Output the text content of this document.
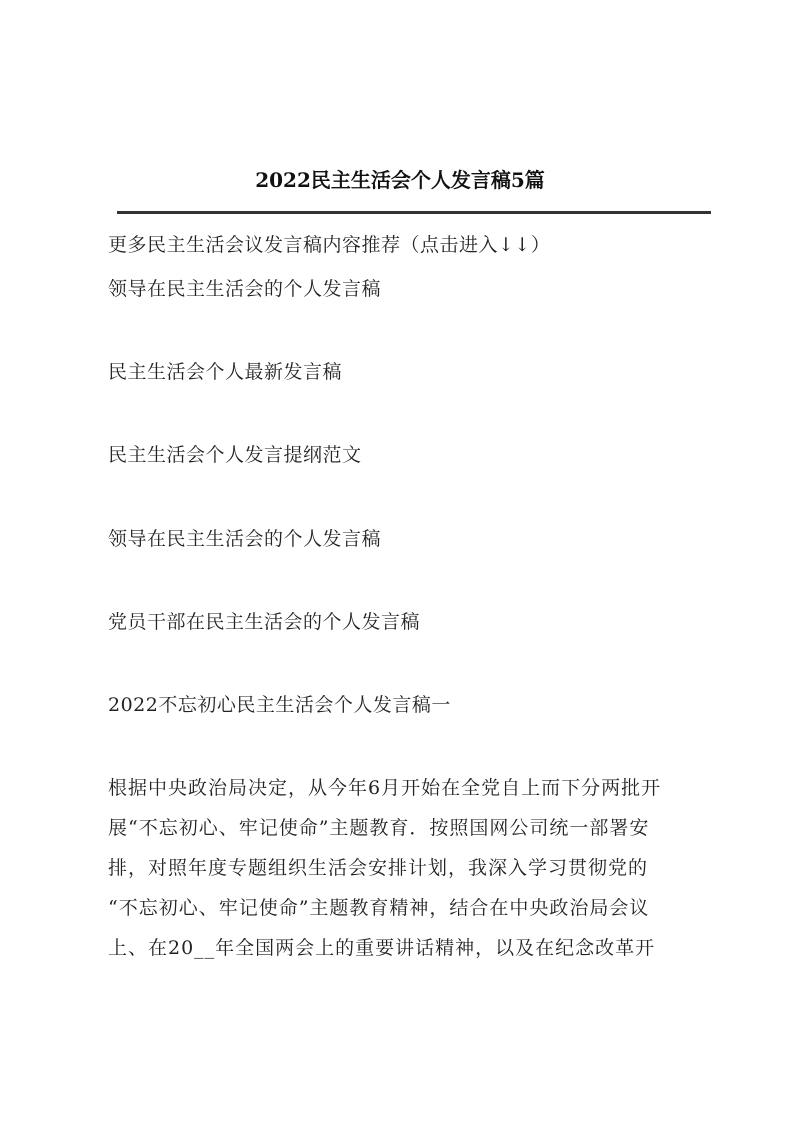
2022民主生活会个人发言稿5篇
更多民主生活会议发言稿内容推荐（点击进入↓↓）
领导在民主生活会的个人发言稿
民主生活会个人最新发言稿
民主生活会个人发言提纲范文
领导在民主生活会的个人发言稿
党员干部在民主生活会的个人发言稿
2022不忘初心民主生活会个人发言稿一
根据中央政治局决定，从今年6月开始在全党自上而下分两批开
展“不忘初心、牢记使命”主题教育．按照国网公司统一部署安
排，对照年度专题组织生活会安排计划，我深入学习贯彻党的
“不忘初心、牢记使命”主题教育精神，结合在中央政治局会议
上、在20__年全国两会上的重要讲话精神，以及在纪念改革开
